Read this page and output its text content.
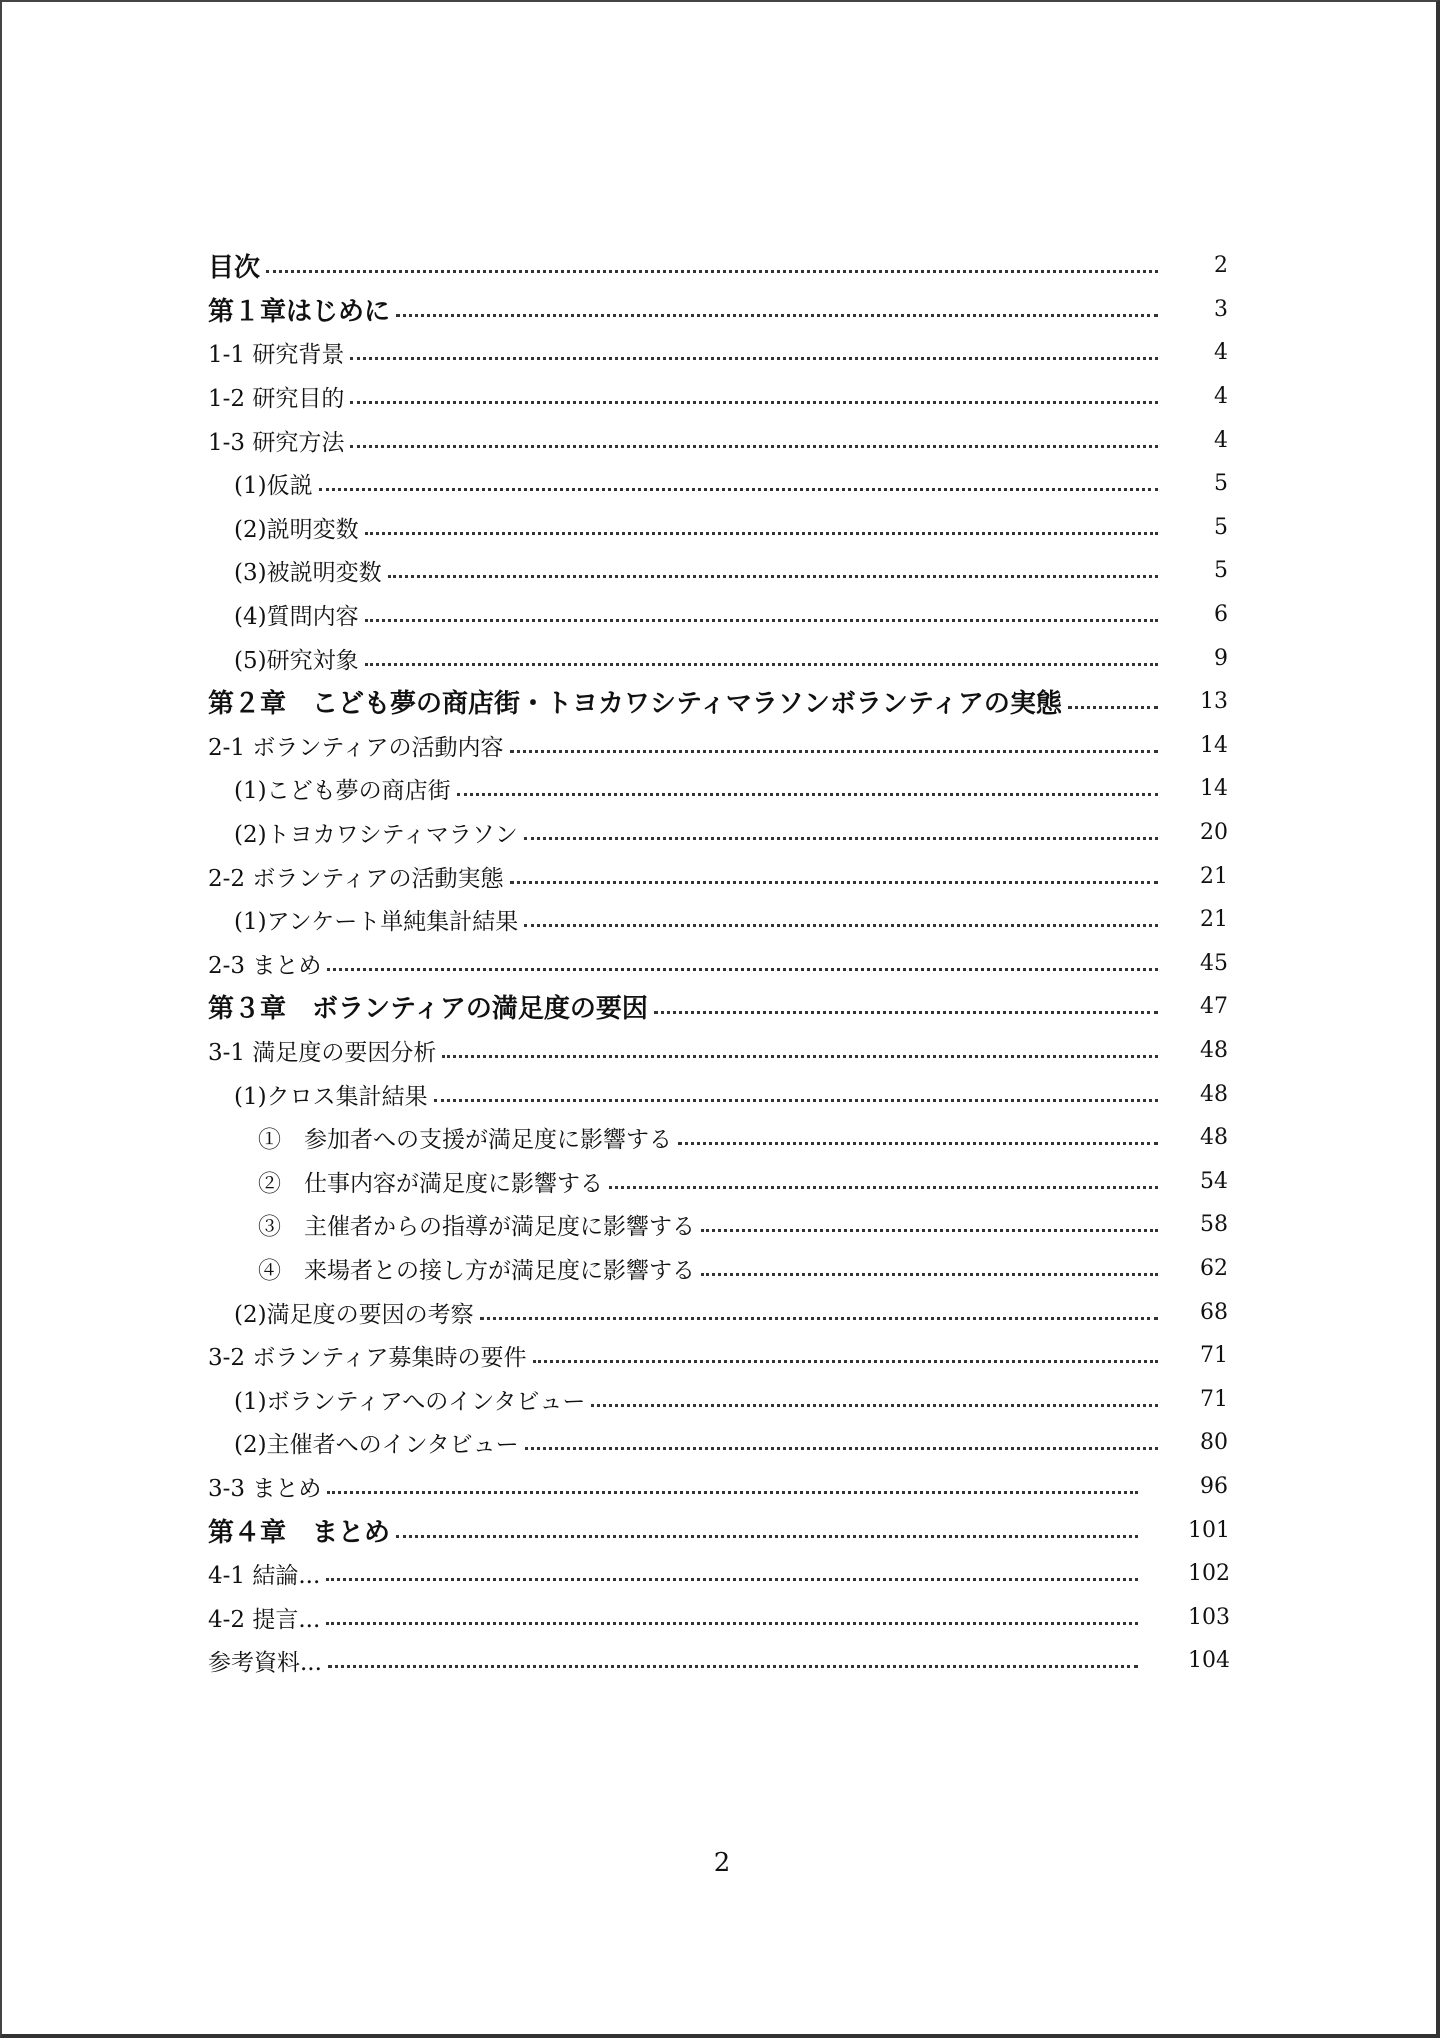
目次	2
第１章はじめに	3
1-1 研究背景	4
1-2 研究目的	4
1-3 研究方法	4
(1)仮説	5
(2)説明変数	5
(3)被説明変数	5
(4)質問内容	6
(5)研究対象	9
第２章　こども夢の商店街・トヨカワシティマラソンボランティアの実態	13
2-1 ボランティアの活動内容	14
(1)こども夢の商店街	14
(2)トヨカワシティマラソン	20
2-2 ボランティアの活動実態	21
(1)アンケート単純集計結果	21
2-3 まとめ	45
第３章　ボランティアの満足度の要因	47
3-1 満足度の要因分析	48
(1)クロス集計結果	48
①　参加者への支援が満足度に影響する	48
②　仕事内容が満足度に影響する	54
③　主催者からの指導が満足度に影響する	58
④　来場者との接し方が満足度に影響する	62
(2)満足度の要因の考察	68
3-2 ボランティア募集時の要件	71
(1)ボランティアへのインタビュー	71
(2)主催者へのインタビュー	80
3-3 まとめ	96
第４章　まとめ	101
4-1 結論...	102
4-2 提言...	103
参考資料...	104
2
